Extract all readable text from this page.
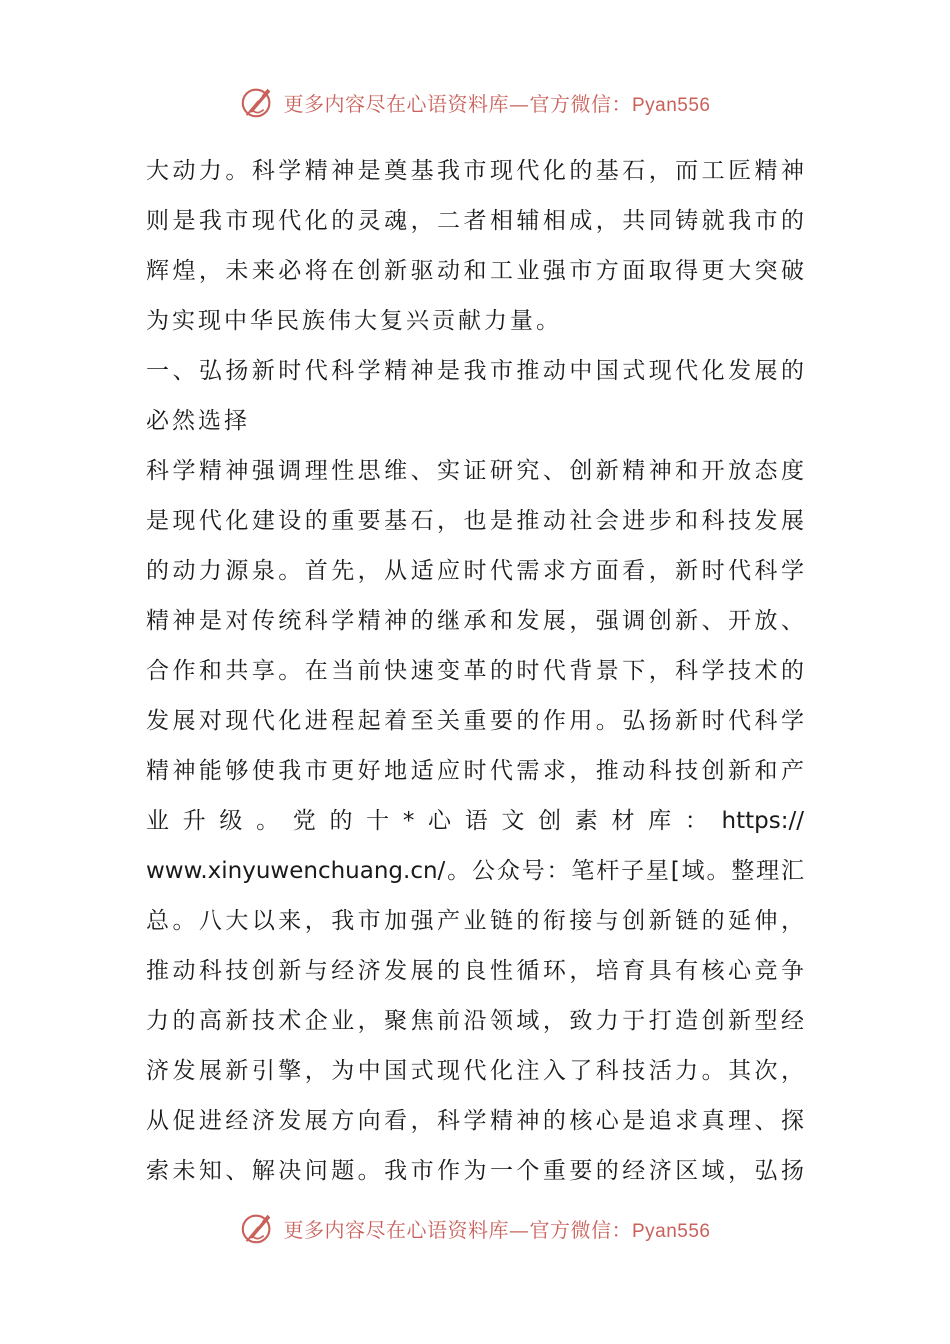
更多内容尽在心语资料库—官方微信：Pyan556
大动力。科学精神是奠基我市现代化的基石，而工匠精神
则是我市现代化的灵魂，二者相辅相成，共同铸就我市的
辉煌，未来必将在创新驱动和工业强市方面取得更大突破
为实现中华民族伟大复兴贡献力量。
一、弘扬新时代科学精神是我市推动中国式现代化发展的
必然选择
科学精神强调理性思维、实证研究、创新精神和开放态度
是现代化建设的重要基石，也是推动社会进步和科技发展
的动力源泉。首先，从适应时代需求方面看，新时代科学
精神是对传统科学精神的继承和发展，强调创新、开放、
合作和共享。在当前快速变革的时代背景下，科学技术的
发展对现代化进程起着至关重要的作用。弘扬新时代科学
精神能够使我市更好地适应时代需求，推动科技创新和产
业升级。党的十*心语文创素材库：https://
www.xinyuwenchuang.cn/。公众号：笔杆子星[域。整理汇
总。八大以来，我市加强产业链的衔接与创新链的延伸，
推动科技创新与经济发展的良性循环，培育具有核心竞争
力的高新技术企业，聚焦前沿领域，致力于打造创新型经
济发展新引擎，为中国式现代化注入了科技活力。其次，
从促进经济发展方向看，科学精神的核心是追求真理、探
索未知、解决问题。我市作为一个重要的经济区域，弘扬
更多内容尽在心语资料库—官方微信：Pyan556
